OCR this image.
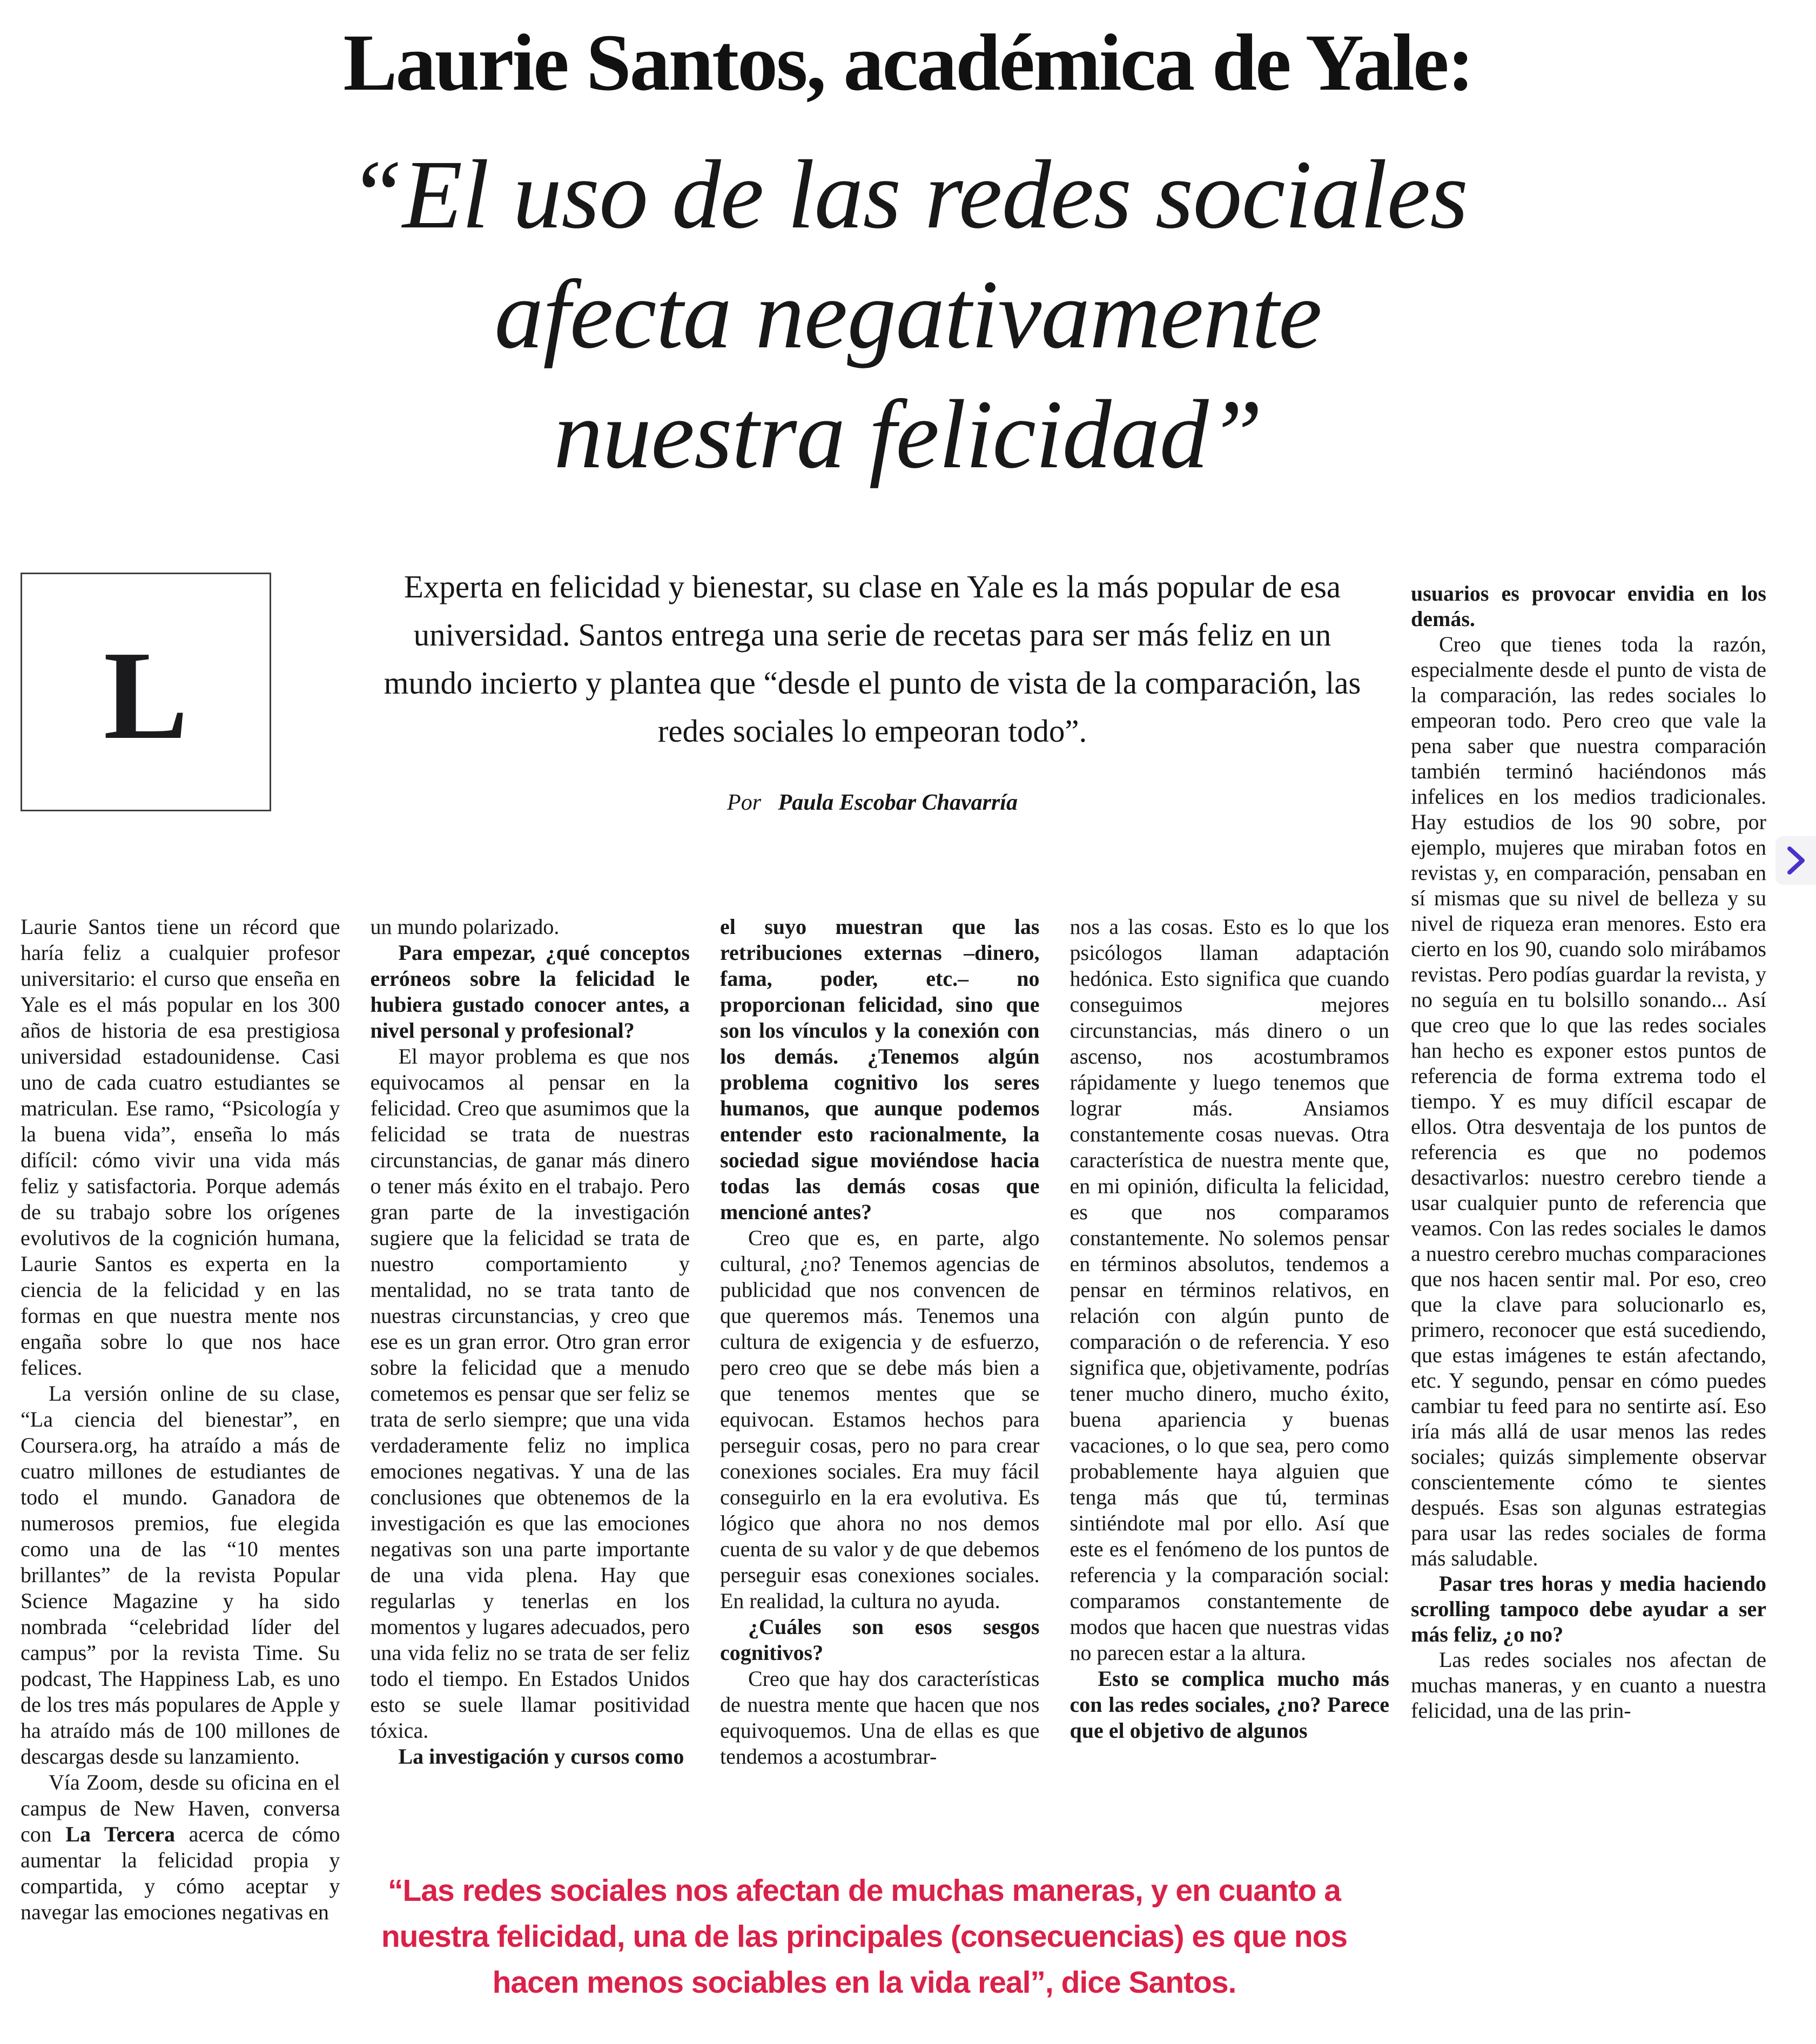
Laurie Santos, académica de Yale:
“El uso de las redes sociales
afecta negativamente
nuestra felicidad”
L
Experta en felicidad y bienestar, su clase en Yale es la más popular de esa universidad. Santos entrega una serie de recetas para ser más feliz en un mundo incierto y plantea que “desde el punto de vista de la comparación, las redes sociales lo empeoran todo”.
Por Paula Escobar Chavarría

usuarios es provocar envidia en los demás.

Creo que tienes toda la razón, especialmente desde el punto de vista de la comparación, las redes sociales lo empeoran todo. Pero creo que vale la pena saber que nuestra comparación también terminó haciéndonos más infelices en los medios tradicionales. Hay estudios de los 90 sobre, por ejemplo, mujeres que miraban fotos en revistas y, en comparación, pensaban en sí mismas que su nivel de belleza y su nivel de riqueza eran menores. Esto era cierto en los 90, cuando solo mirábamos revistas. Pero podías guardar la revista, y no seguía en tu bolsillo sonando... Así que creo que lo que las redes sociales han hecho es exponer estos puntos de referencia de forma extrema todo el tiempo. Y es muy difícil escapar de ellos. Otra desventaja de los puntos de referencia es que no podemos desactivarlos: nuestro cerebro tiende a usar cualquier punto de referencia que veamos. Con las redes sociales le damos a nuestro cerebro muchas comparaciones que nos hacen sentir mal. Por eso, creo que la clave para solucionarlo es, primero, reconocer que está sucediendo, que estas imágenes te están afectando, etc. Y segundo, pensar en cómo puedes cambiar tu feed para no sentirte así. Eso iría más allá de usar menos las redes sociales; quizás simplemente observar conscientemente cómo te sientes después. Esas son algunas estrategias para usar las redes sociales de forma más saludable.

Pasar tres horas y media haciendo scrolling tampoco debe ayudar a ser más feliz, ¿o no?

Las redes sociales nos afectan de muchas maneras, y en cuanto a nuestra felicidad, una de las prin-

Laurie Santos tiene un récord que haría feliz a cualquier profesor universitario: el curso que enseña en Yale es el más popular en los 300 años de historia de esa prestigiosa universidad estadounidense. Casi uno de cada cuatro estudiantes se matriculan. Ese ramo, “Psicología y la buena vida”, enseña lo más difícil: cómo vivir una vida más feliz y satisfactoria. Porque además de su trabajo sobre los orígenes evolutivos de la cognición humana, Laurie Santos es experta en la ciencia de la felicidad y en las formas en que nuestra mente nos engaña sobre lo que nos hace felices.

La versión online de su clase, “La ciencia del bienestar”, en Coursera.org, ha atraído a más de cuatro millones de estudiantes de todo el mundo. Ganadora de numerosos premios, fue elegida como una de las “10 mentes brillantes” de la revista Popular Science Magazine y ha sido nombrada “celebridad líder del campus” por la revista Time. Su podcast, The Happiness Lab, es uno de los tres más populares de Apple y ha atraído más de 100 millones de descargas desde su lanzamiento.

Vía Zoom, desde su oficina en el campus de New Haven, conversa con La Tercera acerca de cómo aumentar la felicidad propia y compartida, y cómo aceptar y navegar las emociones negativas en

un mundo polarizado.

Para empezar, ¿qué conceptos erróneos sobre la felicidad le hubiera gustado conocer antes, a nivel personal y profesional?

El mayor problema es que nos equivocamos al pensar en la felicidad. Creo que asumimos que la felicidad se trata de nuestras circunstancias, de ganar más dinero o tener más éxito en el trabajo. Pero gran parte de la investigación sugiere que la felicidad se trata de nuestro comportamiento y mentalidad, no se trata tanto de nuestras circunstancias, y creo que ese es un gran error. Otro gran error sobre la felicidad que a menudo cometemos es pensar que ser feliz se trata de serlo siempre; que una vida verdaderamente feliz no implica emociones negativas. Y una de las conclusiones que obtenemos de la investigación es que las emociones negativas son una parte importante de una vida plena. Hay que regularlas y tenerlas en los momentos y lugares adecuados, pero una vida feliz no se trata de ser feliz todo el tiempo. En Estados Unidos esto se suele llamar positividad tóxica.

La investigación y cursos como

el suyo muestran que las retribuciones externas –dinero, fama, poder, etc.– no proporcionan felicidad, sino que son los vínculos y la conexión con los demás. ¿Tenemos algún problema cognitivo los seres humanos, que aunque podemos entender esto racionalmente, la sociedad sigue moviéndose hacia todas las demás cosas que mencioné antes?

Creo que es, en parte, algo cultural, ¿no? Tenemos agencias de publicidad que nos convencen de que queremos más. Tenemos una cultura de exigencia y de esfuerzo, pero creo que se debe más bien a que tenemos mentes que se equivocan. Estamos hechos para perseguir cosas, pero no para crear conexiones sociales. Era muy fácil conseguirlo en la era evolutiva. Es lógico que ahora no nos demos cuenta de su valor y de que debemos perseguir esas conexiones sociales. En realidad, la cultura no ayuda.

¿Cuáles son esos sesgos cognitivos?

Creo que hay dos características de nuestra mente que hacen que nos equivoquemos. Una de ellas es que tendemos a acostumbrar-

nos a las cosas. Esto es lo que los psicólogos llaman adaptación hedónica. Esto significa que cuando conseguimos mejores circunstancias, más dinero o un ascenso, nos acostumbramos rápidamente y luego tenemos que lograr más. Ansiamos constantemente cosas nuevas. Otra característica de nuestra mente que, en mi opinión, dificulta la felicidad, es que nos comparamos constantemente. No solemos pensar en términos absolutos, tendemos a pensar en términos relativos, en relación con algún punto de comparación o de referencia. Y eso significa que, objetivamente, podrías tener mucho dinero, mucho éxito, buena apariencia y buenas vacaciones, o lo que sea, pero como probablemente haya alguien que tenga más que tú, terminas sintiéndote mal por ello. Así que este es el fenómeno de los puntos de referencia y la comparación social: comparamos constantemente de modos que hacen que nuestras vidas no parecen estar a la altura.

Esto se complica mucho más con las redes sociales, ¿no? Parece que el objetivo de algunos

“Las redes sociales nos afectan de muchas maneras, y en cuanto a nuestra felicidad, una de las principales (consecuencias) es que nos hacen menos sociables en la vida real”, dice Santos.
